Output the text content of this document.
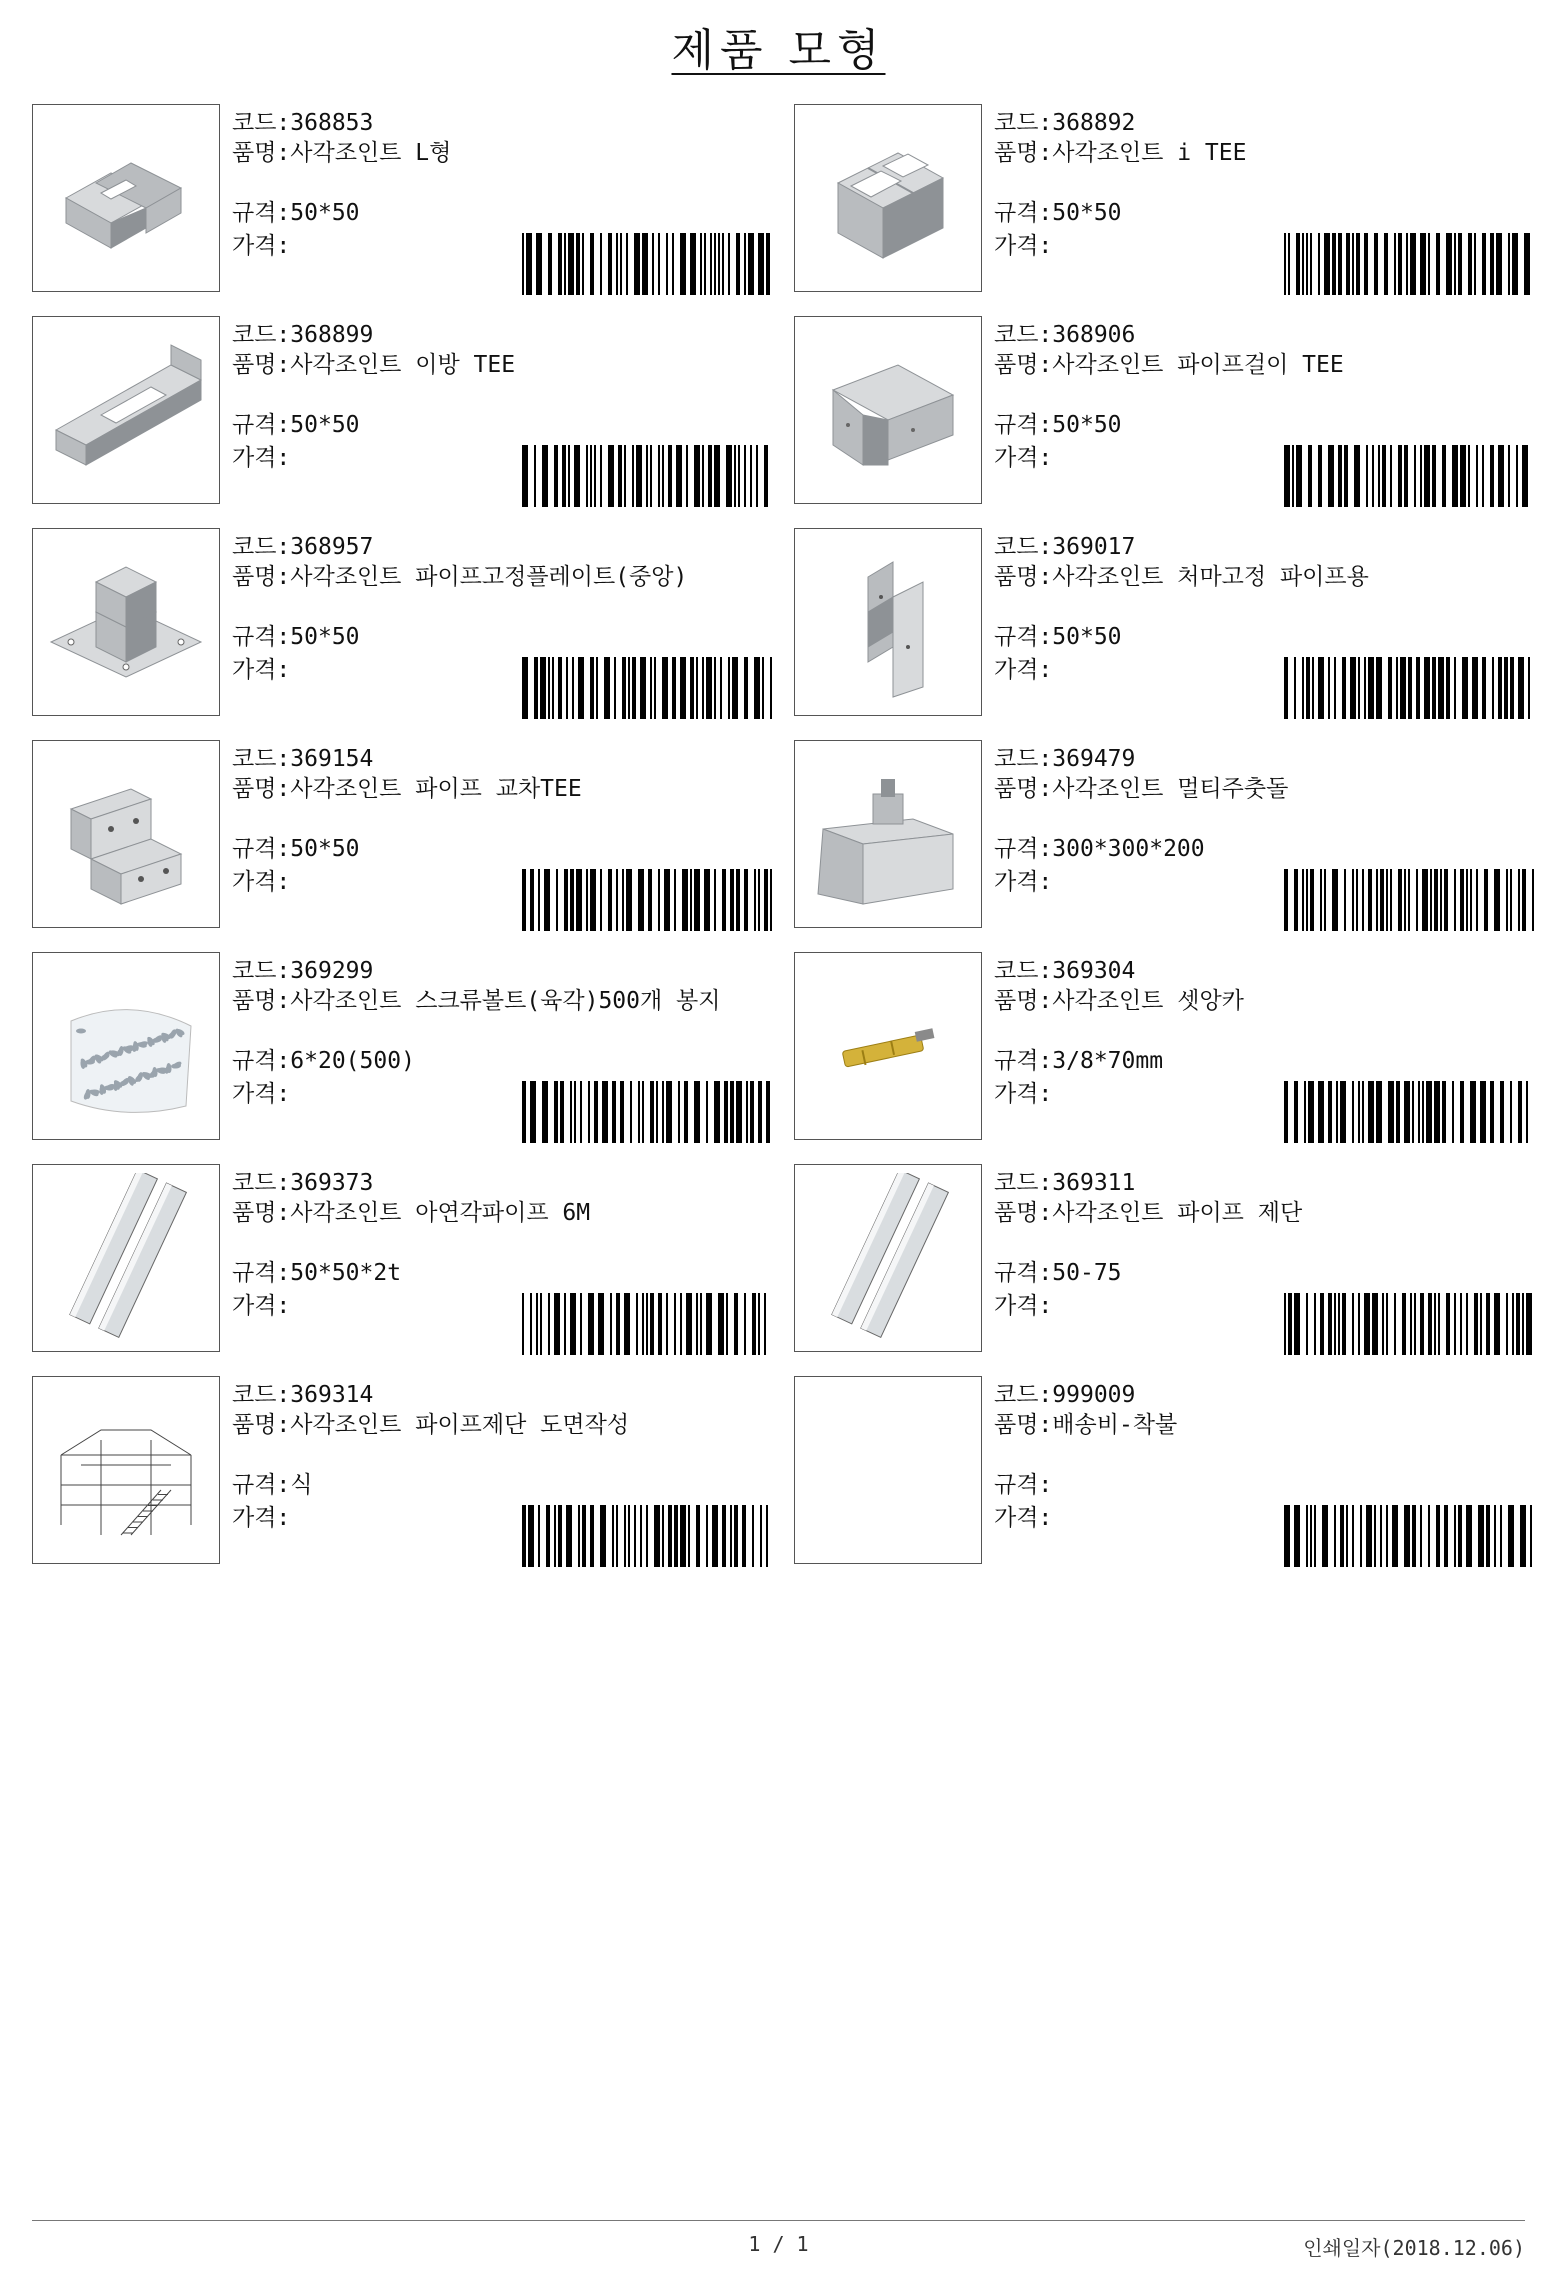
제품 모형
코드: 368853
품명: 사각조인트 L형
규격: 50*50
가격:
코드: 368892
품명: 사각조인트 i TEE
규격: 50*50
가격:
코드: 368899
품명: 사각조인트 이방 TEE
규격: 50*50
가격:
코드: 368906
품명: 사각조인트 파이프걸이 TEE
규격: 50*50
가격:
코드: 368957
품명: 사각조인트 파이프고정플레이트(중앙)
규격: 50*50
가격:
코드: 369017
품명: 사각조인트 처마고정 파이프용
규격: 50*50
가격:
코드: 369154
품명: 사각조인트 파이프 교차TEE
규격: 50*50
가격:
코드: 369479
품명: 사각조인트 멀티주춧돌
규격: 300*300*200
가격:
코드: 369299
품명: 사각조인트 스크류볼트(육각)500개 봉지
규격: 6*20(500)
가격:
코드: 369304
품명: 사각조인트 셋앙카
규격: 3/8*70mm
가격:
코드: 369373
품명: 사각조인트 아연각파이프 6M
규격: 50*50*2t
가격:
코드: 369311
품명: 사각조인트 파이프 제단
규격: 50-75
가격:
코드: 369314
품명: 사각조인트 파이프제단 도면작성
규격: 식
가격:
코드: 999009
품명: 배송비-착불
규격:
가격:
1 / 1	인쇄일자(2018.12.06)
